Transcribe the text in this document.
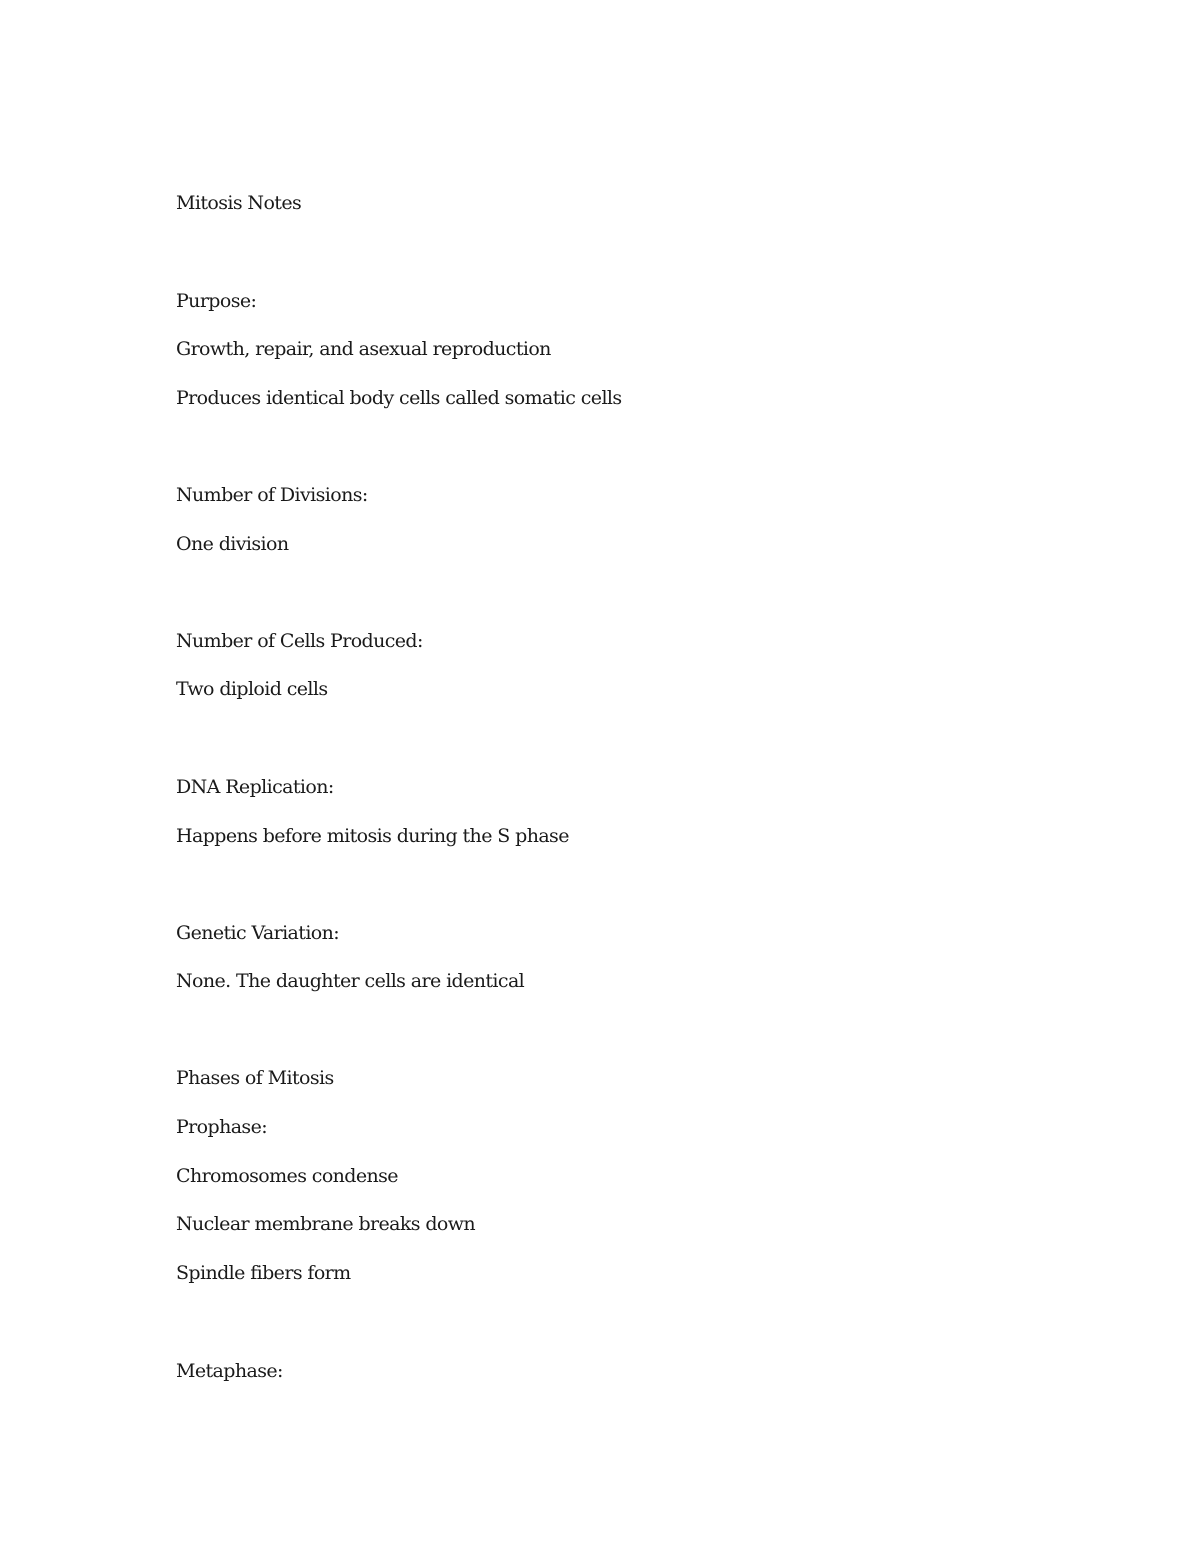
Mitosis Notes

Purpose:

Growth, repair, and asexual reproduction

Produces identical body cells called somatic cells

Number of Divisions:

One division

Number of Cells Produced:

Two diploid cells

DNA Replication:

Happens before mitosis during the S phase

Genetic Variation:

None. The daughter cells are identical

Phases of Mitosis

Prophase:

Chromosomes condense

Nuclear membrane breaks down

Spindle fibers form

Metaphase:
